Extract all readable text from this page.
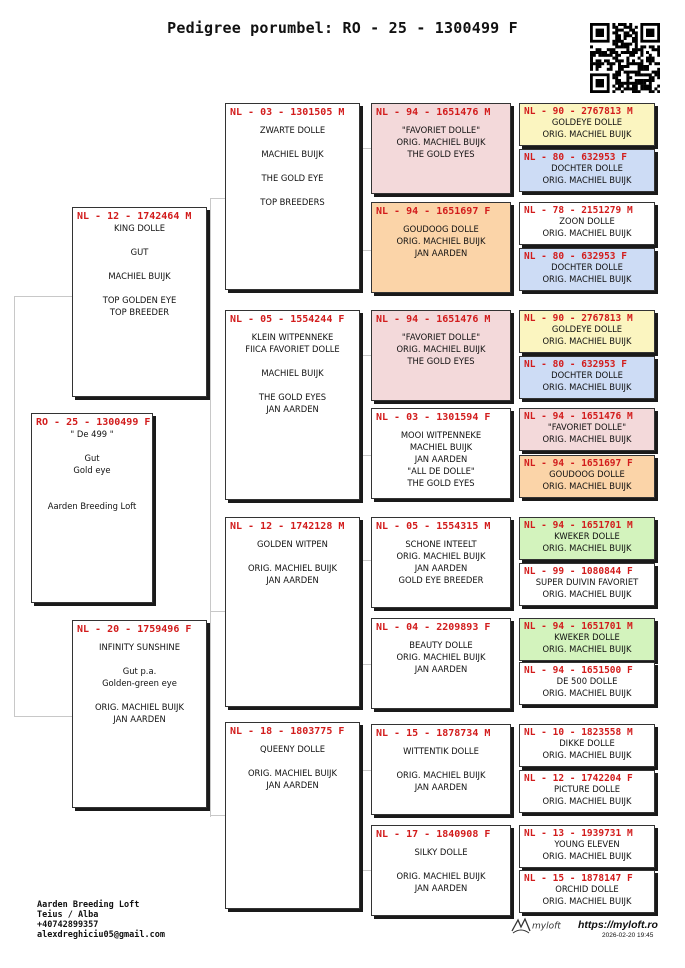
Pedigree porumbel: RO - 25 - 1300499 F
RO - 25 - 1300499 F
" De 499 "
Gut
Gold eye
Aarden Breeding Loft
NL - 12 - 1742464 M
KING DOLLE
GUT
MACHIEL BUIJK
TOP GOLDEN EYE
TOP BREEDER
NL - 20 - 1759496 F
INFINITY SUNSHINE
Gut p.a.
Golden-green eye
ORIG. MACHIEL BUIJK
JAN AARDEN
NL - 03 - 1301505 M
ZWARTE DOLLE
MACHIEL BUIJK
THE GOLD EYE
TOP BREEDERS
NL - 05 - 1554244 F
KLEIN WITPENNEKE
FIICA FAVORIET DOLLE
MACHIEL BUIJK
THE GOLD EYES
JAN AARDEN
NL - 12 - 1742128 M
GOLDEN WITPEN
ORIG. MACHIEL BUIJK
JAN AARDEN
NL - 18 - 1803775 F
QUEENY DOLLE
ORIG. MACHIEL BUIJK
JAN AARDEN
NL - 94 - 1651476 M
"FAVORIET DOLLE"
ORIG. MACHIEL BUIJK
THE GOLD EYES
NL - 94 - 1651697 F
GOUDOOG DOLLE
ORIG. MACHIEL BUIJK
JAN AARDEN
NL - 94 - 1651476 M
"FAVORIET DOLLE"
ORIG. MACHIEL BUIJK
THE GOLD EYES
NL - 03 - 1301594 F
MOOI WITPENNEKE
MACHIEL BUIJK
JAN AARDEN
"ALL DE DOLLE"
THE GOLD EYES
NL - 05 - 1554315 M
SCHONE INTEELT
ORIG. MACHIEL BUIJK
JAN AARDEN
GOLD EYE BREEDER
NL - 04 - 2209893 F
BEAUTY DOLLE
ORIG. MACHIEL BUIJK
JAN AARDEN
NL - 15 - 1878734 M
WITTENTIK DOLLE
ORIG. MACHIEL BUIJK
JAN AARDEN
NL - 17 - 1840908 F
SILKY DOLLE
ORIG. MACHIEL BUIJK
JAN AARDEN
NL - 90 - 2767813 M
GOLDEYE DOLLE
ORIG. MACHIEL BUIJK
NL - 80 - 632953 F
DOCHTER DOLLE
ORIG. MACHIEL BUIJK
NL - 78 - 2151279 M
ZOON DOLLE
ORIG. MACHIEL BUIJK
NL - 80 - 632953 F
DOCHTER DOLLE
ORIG. MACHIEL BUIJK
NL - 90 - 2767813 M
GOLDEYE DOLLE
ORIG. MACHIEL BUIJK
NL - 80 - 632953 F
DOCHTER DOLLE
ORIG. MACHIEL BUIJK
NL - 94 - 1651476 M
"FAVORIET DOLLE"
ORIG. MACHIEL BUIJK
NL - 94 - 1651697 F
GOUDOOG DOLLE
ORIG. MACHIEL BUIJK
NL - 94 - 1651701 M
KWEKER DOLLE
ORIG. MACHIEL BUIJK
NL - 99 - 1080844 F
SUPER DUIVIN FAVORIET
ORIG. MACHIEL BUIJK
NL - 94 - 1651701 M
KWEKER DOLLE
ORIG. MACHIEL BUIJK
NL - 94 - 1651500 F
DE 500 DOLLE
ORIG. MACHIEL BUIJK
NL - 10 - 1823558 M
DIKKE DOLLE
ORIG. MACHIEL BUIJK
NL - 12 - 1742204 F
PICTURE DOLLE
ORIG. MACHIEL BUIJK
NL - 13 - 1939731 M
YOUNG ELEVEN
ORIG. MACHIEL BUIJK
NL - 15 - 1878147 F
ORCHID DOLLE
ORIG. MACHIEL BUIJK
Aarden Breeding Loft
Teius / Alba
+40742899357
alexdreghiciu05@gmail.com
myloft https://myloft.ro
2026-02-20 19:45
